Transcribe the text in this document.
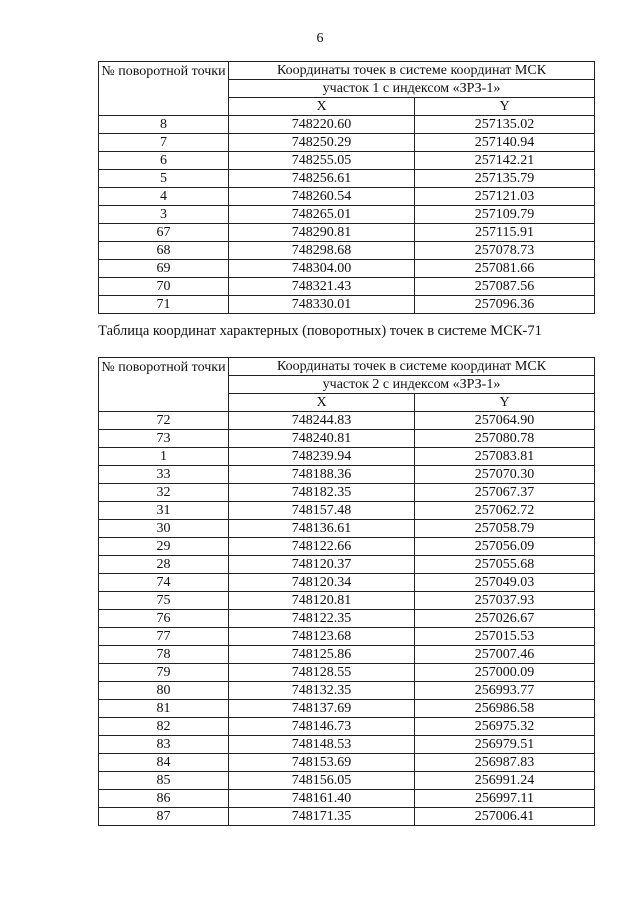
6
№ поворотной точки	Координаты точек в системе координат МСК	
	участок 1 с индексом «ЗРЗ-1»	
	X	Y
8	748220.60	257135.02
7	748250.29	257140.94
6	748255.05	257142.21
5	748256.61	257135.79
4	748260.54	257121.03
3	748265.01	257109.79
67	748290.81	257115.91
68	748298.68	257078.73
69	748304.00	257081.66
70	748321.43	257087.56
71	748330.01	257096.36
Таблица координат характерных (поворотных) точек в системе МСК-71
№ поворотной точки	Координаты точек в системе координат МСК	
	участок 2 с индексом «ЗРЗ-1»	
	X	Y
72	748244.83	257064.90
73	748240.81	257080.78
1	748239.94	257083.81
33	748188.36	257070.30
32	748182.35	257067.37
31	748157.48	257062.72
30	748136.61	257058.79
29	748122.66	257056.09
28	748120.37	257055.68
74	748120.34	257049.03
75	748120.81	257037.93
76	748122.35	257026.67
77	748123.68	257015.53
78	748125.86	257007.46
79	748128.55	257000.09
80	748132.35	256993.77
81	748137.69	256986.58
82	748146.73	256975.32
83	748148.53	256979.51
84	748153.69	256987.83
85	748156.05	256991.24
86	748161.40	256997.11
87	748171.35	257006.41
